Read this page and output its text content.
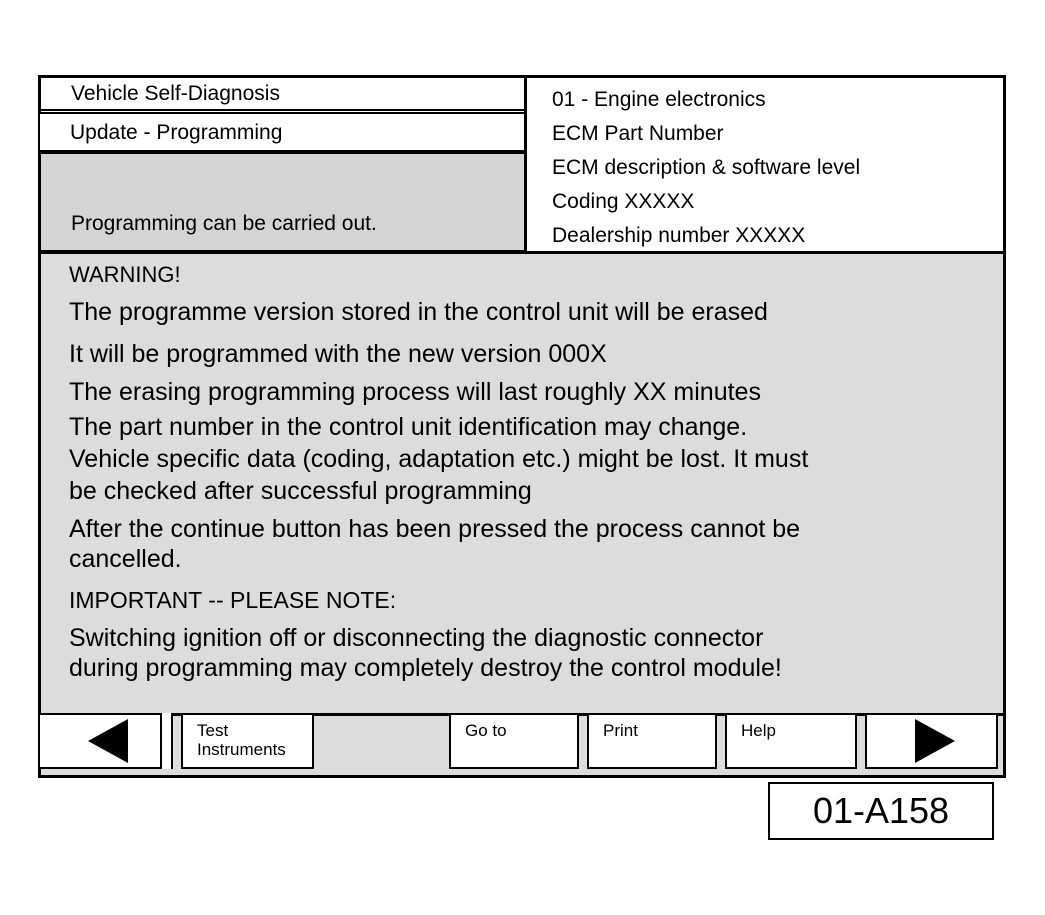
Vehicle Self-Diagnosis
Update - Programming
Programming can be carried out.
01 - Engine electronics
ECM Part Number
ECM description & software level
Coding XXXXX
Dealership number XXXXX
WARNING!
The programme version stored in the control unit will be erased
It will be programmed with the new version 000X
The erasing programming process will last roughly XX minutes
The part number in the control unit identification may change.
Vehicle specific data (coding, adaptation etc.) might be lost. It must
be checked after successful programming
After the continue button has been pressed the process cannot be
cancelled.
IMPORTANT -- PLEASE NOTE:
Switching ignition off or disconnecting the diagnostic connector
during programming may completely destroy the control module!
Test
Instruments
Go to	Print	Help
01-A158
